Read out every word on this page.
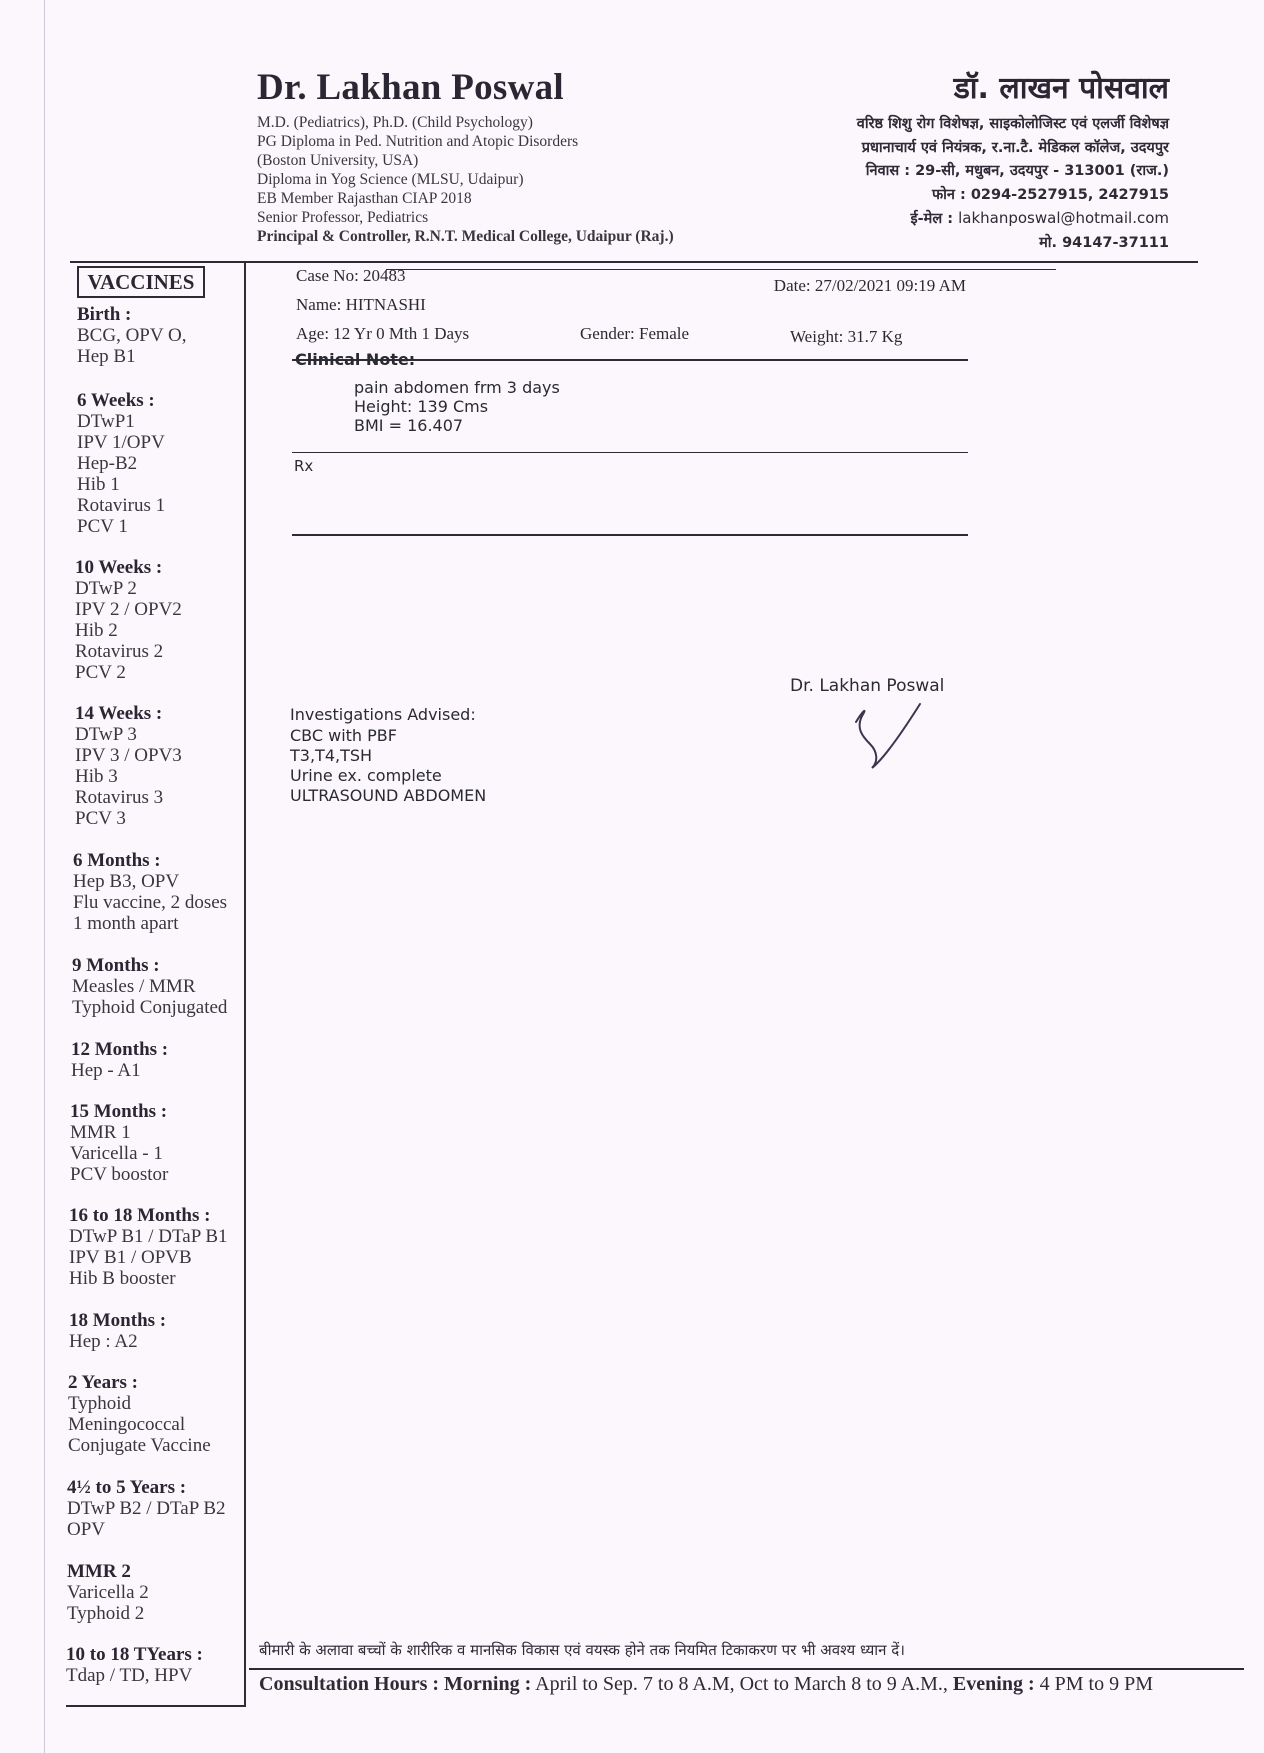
Dr. Lakhan Poswal
M.D. (Pediatrics), Ph.D. (Child Psychology)
PG Diploma in Ped. Nutrition and Atopic Disorders
(Boston University, USA)
Diploma in Yog Science (MLSU, Udaipur)
EB Member Rajasthan CIAP 2018
Senior Professor, Pediatrics
Principal & Controller, R.N.T. Medical College, Udaipur (Raj.)
डॉ. लाखन पोसवाल
वरिष्ठ शिशु रोग विशेषज्ञ, साइकोलोजिस्ट एवं एलर्जी विशेषज्ञ
प्रधानाचार्य एवं नियंत्रक, र.ना.टै. मेडिकल कॉलेज, उदयपुर
निवास : 29-सी, मधुबन, उदयपुर - 313001 (राज.)
फोन : 0294-2527915, 2427915
ई-मेल : lakhanposwal@hotmail.com
मो. 94147-37111
VACCINES
Birth :
BCG, OPV O,
Hep B1
6 Weeks :
DTwP1
IPV 1/OPV
Hep-B2
Hib 1
Rotavirus 1
PCV 1
10 Weeks :
DTwP 2
IPV 2 / OPV2
Hib 2
Rotavirus 2
PCV 2
14 Weeks :
DTwP 3
IPV 3 / OPV3
Hib 3
Rotavirus 3
PCV 3
6 Months :
Hep B3, OPV
Flu vaccine, 2 doses
1 month apart
9 Months :
Measles / MMR
Typhoid Conjugated
12 Months :
Hep - A1
15 Months :
MMR 1
Varicella - 1
PCV boostor
16 to 18 Months :
DTwP B1 / DTaP B1
IPV B1 / OPVB
Hib B booster
18 Months :
Hep : A2
2 Years :
Typhoid
Meningococcal
Conjugate Vaccine
4½ to 5 Years :
DTwP B2 / DTaP B2
OPV
MMR 2
Varicella 2
Typhoid 2
10 to 18 TYears :
Tdap / TD, HPV
Case No: 20483
Date: 27/02/2021 09:19 AM
Name: HITNASHI
Age: 12 Yr 0 Mth 1 Days	Gender: Female	Weight: 31.7 Kg
Clinical Note:
pain abdomen frm 3 days
Height: 139 Cms
BMI = 16.407
Rx
Dr. Lakhan Poswal
Investigations Advised:
CBC with PBF
T3,T4,TSH
Urine ex. complete
ULTRASOUND ABDOMEN
बीमारी के अलावा बच्चों के शारीरिक व मानसिक विकास एवं वयस्क होने तक नियमित टिकाकरण पर भी अवश्य ध्यान दें।
Consultation Hours : Morning : April to Sep. 7 to 8 A.M, Oct to March 8 to 9 A.M., Evening : 4 PM to 9 PM
